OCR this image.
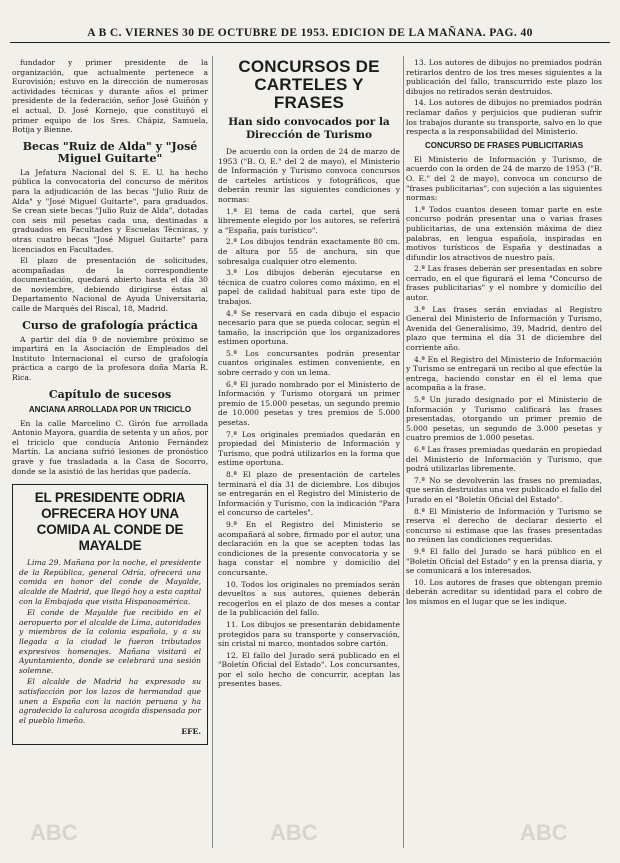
A B C. VIERNES 30 DE OCTUBRE DE 1953. EDICION DE LA MAÑANA. PAG. 40

fundador y primer presidente de la organización, que actualmente pertenece a Eurovisión; estuvo en la dirección de numerosas actividades técnicas y durante años el primer presidente de la federación, señor José Guiñón y el actual, D. José Kornejo, que constituyó el primer equipo de los Sres. Chápiz, Samuela, Botija y Bienne.

Becas "Ruiz de Alda" y "José Miguel Guitarte"

La Jefatura Nacional del S. E. U. ha hecho pública la convocatoria del concurso de méritos para la adjudicación de las becas "Julio Ruiz de Alda" y "José Miguel Guitarte", para graduados. Se crean siete becas "Julio Ruiz de Alda", dotadas con seis mil pesetas cada una, destinadas a graduados en Facultades y Escuelas Técnicas, y otras cuatro becas "José Miguel Guitarte" para licenciados en Facultades.

El plazo de presentación de solicitudes, acompañadas de la correspondiente documentación, quedará abierto hasta el día 30 de noviembre, debiendo dirigirse éstas al Departamento Nacional de Ayuda Universitaria, calle de Marqués del Riscal, 18, Madrid.

Curso de grafología práctica

A partir del día 9 de noviembre próximo se impartirá en la Asociación de Empleados del Instituto Internacional el curso de grafología práctica a cargo de la profesora doña María R. Rica.

Capítulo de sucesos
ANCIANA ARROLLADA POR UN TRICICLO

En la calle Marcelino C. Girón fue arrollada Antonio Mayora, guardia de setenta y un años, por el triciclo que conducía Antonio Fernández Martín. La anciana sufrió lesiones de pronóstico grave y fue trasladada a la Casa de Socorro, donde se la asistió de las heridas que padecía.

EL PRESIDENTE ODRIA OFRECERA HOY UNA COMIDA AL CONDE DE MAYALDE

Lima 29. Mañana por la noche, el presidente de la República, general Odría, ofrecerá una comida en honor del conde de Mayalde, alcalde de Madrid, que llegó hoy a esta capital con la Embajada que visita Hispanoamérica.

El conde de Mayalde fue recibido en el aeropuerto por el alcalde de Lima, autoridades y miembros de la colonia española, y a su llegada a la ciudad le fueron tributados expresivos homenajes. Mañana visitará el Ayuntamiento, donde se celebrará una sesión solemne.

El alcalde de Madrid ha expresado su satisfacción por los lazos de hermandad que unen a España con la nación peruana y ha agradecido la calurosa acogida dispensada por el pueblo limeño.

EFE.

CONCURSOS DE CARTELES Y FRASES
Han sido convocados por la Dirección de Turismo

De acuerdo con la orden de 24 de marzo de 1953 ("B. O. E." del 2 de mayo), el Ministerio de Información y Turismo convoca concursos de carteles artísticos y fotográficos, que deberán reunir las siguientes condiciones y normas:

1.ª El tema de cada cartel, que será libremente elegido por los autores, se referirá a "España, país turístico".

2.ª Los dibujos tendrán exactamente 80 cm. de altura por 55 de anchura, sin que sobresalga cualquier otro elemento.

3.ª Los dibujos deberán ejecutarse en técnica de cuatro colores como máximo, en el papel de calidad habitual para este tipo de trabajos.

4.ª Se reservará en cada dibujo el espacio necesario para que se pueda colocar, según el tamaño, la inscripción que los organizadores estimen oportuna.

5.ª Los concursantes podrán presentar cuantos originales estimen conveniente, en sobre cerrado y con un lema.

6.ª El jurado nombrado por el Ministerio de Información y Turismo otorgará un primer premio de 15.000 pesetas, un segundo premio de 10.000 pesetas y tres premios de 5.000 pesetas.

7.ª Los originales premiados quedarán en propiedad del Ministerio de Información y Turismo, que podrá utilizarlos en la forma que estime oportuna.

8.ª El plazo de presentación de carteles terminará el día 31 de diciembre. Los dibujos se entregarán en el Registro del Ministerio de Información y Turismo, con la indicación "Para el concurso de carteles".

9.ª En el Registro del Ministerio se acompañará al sobre, firmado por el autor, una declaración en la que se acepten todas las condiciones de la presente convocatoria y se haga constar el nombre y domicilio del concursante.

10. Todos los originales no premiados serán devueltos a sus autores, quienes deberán recogerlos en el plazo de dos meses a contar de la publicación del fallo.

11. Los dibujos se presentarán debidamente protegidos para su transporte y conservación, sin cristal ni marco, montados sobre cartón.

12. El fallo del Jurado será publicado en el "Boletín Oficial del Estado". Los concursantes, por el solo hecho de concurrir, aceptan las presentes bases.

13. Los autores de dibujos no premiados podrán retirarlos dentro de los tres meses siguientes a la publicación del fallo, transcurrido este plazo los dibujos no retirados serán destruidos.

14. Los autores de dibujos no premiados podrán reclamar daños y perjuicios que pudieran sufrir los trabajos durante su transporte, salvo en lo que respecta a la responsabilidad del Ministerio.

CONCURSO DE FRASES PUBLICITARIAS

El Ministerio de Información y Turismo, de acuerdo con la orden de 24 de marzo de 1953 ("B. O. E." del 2 de mayo), convoca un concurso de "frases publicitarias", con sujeción a las siguientes normas:

1.ª Todos cuantos deseen tomar parte en este concurso podrán presentar una o varias frases publicitarias, de una extensión máxima de diez palabras, en lengua española, inspiradas en motivos turísticos de España y destinadas a difundir los atractivos de nuestro país.

2.ª Las frases deberán ser presentadas en sobre cerrado, en el que figurará el lema "Concurso de frases publicitarias" y el nombre y domicilio del autor.

3.ª Las frases serán enviadas al Registro General del Ministerio de Información y Turismo, Avenida del Generalísimo, 39, Madrid, dentro del plazo que termina el día 31 de diciembre del corriente año.

4.ª En el Registro del Ministerio de Información y Turismo se entregará un recibo al que efectúe la entrega, haciendo constar en él el lema que acompaña a la frase.

5.ª Un jurado designado por el Ministerio de Información y Turismo calificará las frases presentadas, otorgando un primer premio de 5.000 pesetas, un segundo de 3.000 pesetas y cuatro premios de 1.000 pesetas.

6.ª Las frases premiadas quedarán en propiedad del Ministerio de Información y Turismo, que podrá utilizarlas libremente.

7.ª No se devolverán las frases no premiadas, que serán destruidas una vez publicado el fallo del Jurado en el "Boletín Oficial del Estado".

8.ª El Ministerio de Información y Turismo se reserva el derecho de declarar desierto el concurso si estimase que las frases presentadas no reúnen las condiciones requeridas.

9.ª El fallo del Jurado se hará público en el "Boletín Oficial del Estado" y en la prensa diaria, y se comunicará a los interesados.

10. Los autores de frases que obtengan premio deberán acreditar su identidad para el cobro de los mismos en el lugar que se les indique.

ABC	ABC	ABC
